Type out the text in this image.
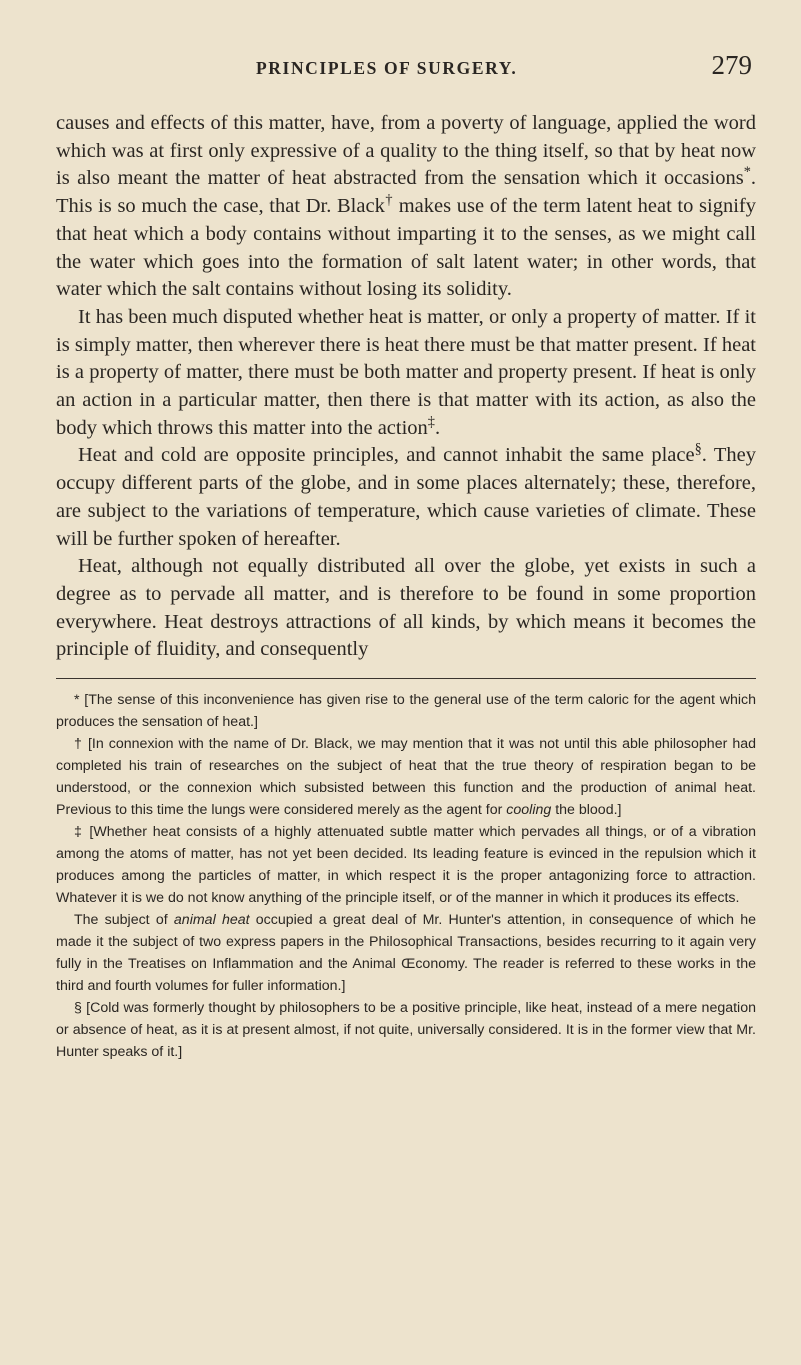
PRINCIPLES OF SURGERY.	279

causes and effects of this matter, have, from a poverty of language, applied the word which was at first only expressive of a quality to the thing itself, so that by heat now is also meant the matter of heat abstracted from the sensation which it occasions*. This is so much the case, that Dr. Black† makes use of the term latent heat to signify that heat which a body contains without imparting it to the senses, as we might call the water which goes into the formation of salt latent water; in other words, that water which the salt contains without losing its solidity.

It has been much disputed whether heat is matter, or only a property of matter. If it is simply matter, then wherever there is heat there must be that matter present. If heat is a property of matter, there must be both matter and property present. If heat is only an action in a particular matter, then there is that matter with its action, as also the body which throws this matter into the action‡.

Heat and cold are opposite principles, and cannot inhabit the same place§. They occupy different parts of the globe, and in some places alternately; these, therefore, are subject to the variations of temperature, which cause varieties of climate. These will be further spoken of hereafter.

Heat, although not equally distributed all over the globe, yet exists in such a degree as to pervade all matter, and is therefore to be found in some proportion everywhere. Heat destroys attractions of all kinds, by which means it becomes the principle of fluidity, and consequently

* [The sense of this inconvenience has given rise to the general use of the term caloric for the agent which produces the sensation of heat.]

† [In connexion with the name of Dr. Black, we may mention that it was not until this able philosopher had completed his train of researches on the subject of heat that the true theory of respiration began to be understood, or the connexion which subsisted between this function and the production of animal heat. Previous to this time the lungs were considered merely as the agent for cooling the blood.]

‡ [Whether heat consists of a highly attenuated subtle matter which pervades all things, or of a vibration among the atoms of matter, has not yet been decided. Its leading feature is evinced in the repulsion which it produces among the particles of matter, in which respect it is the proper antagonizing force to attraction. Whatever it is we do not know anything of the principle itself, or of the manner in which it produces its effects.

The subject of animal heat occupied a great deal of Mr. Hunter's attention, in consequence of which he made it the subject of two express papers in the Philosophical Transactions, besides recurring to it again very fully in the Treatises on Inflammation and the Animal Œconomy. The reader is referred to these works in the third and fourth volumes for fuller information.]

§ [Cold was formerly thought by philosophers to be a positive principle, like heat, instead of a mere negation or absence of heat, as it is at present almost, if not quite, universally considered. It is in the former view that Mr. Hunter speaks of it.]
